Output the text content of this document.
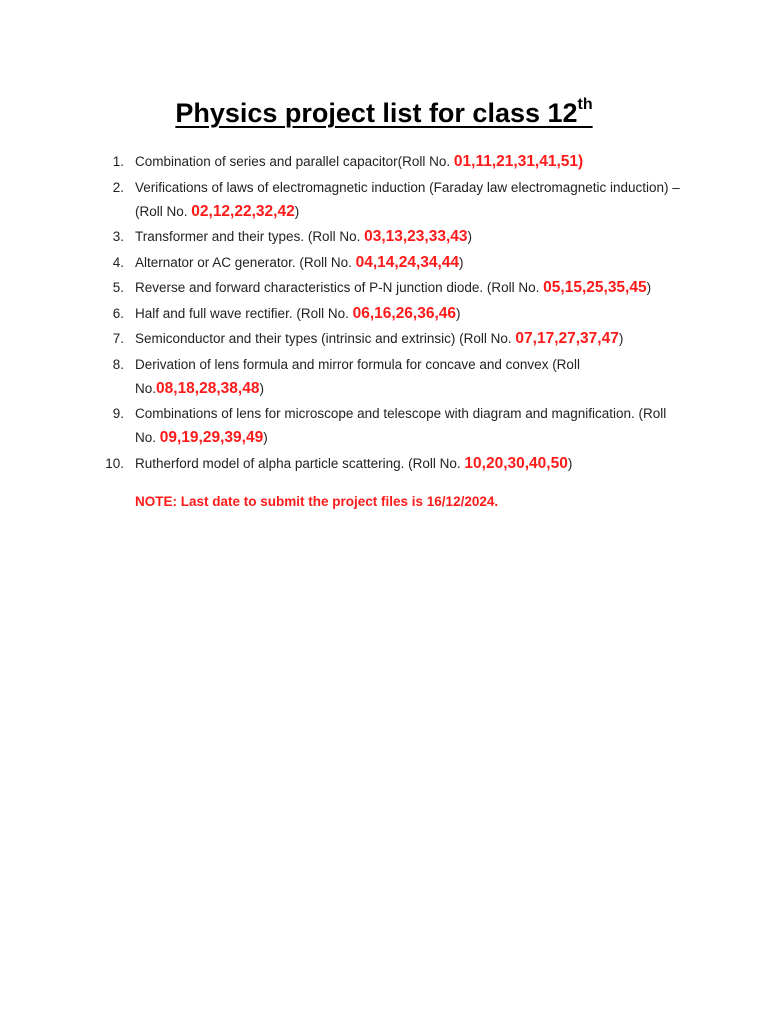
Physics project list for class 12th
1. Combination of series and parallel capacitor(Roll No. 01,11,21,31,41,51)
2. Verifications of laws of electromagnetic induction (Faraday law electromagnetic induction) – (Roll No. 02,12,22,32,42)
3. Transformer and their types. (Roll No. 03,13,23,33,43)
4. Alternator or AC generator. (Roll No. 04,14,24,34,44)
5. Reverse and forward characteristics of P-N junction diode. (Roll No. 05,15,25,35,45)
6. Half and full wave rectifier. (Roll No. 06,16,26,36,46)
7. Semiconductor and their types (intrinsic and extrinsic) (Roll No. 07,17,27,37,47)
8. Derivation of lens formula and mirror formula for concave and convex (Roll No.08,18,28,38,48)
9. Combinations of lens for microscope and telescope with diagram and magnification. (Roll No. 09,19,29,39,49)
10. Rutherford model of alpha particle scattering. (Roll No. 10,20,30,40,50)
NOTE: Last date to submit the project files is 16/12/2024.
